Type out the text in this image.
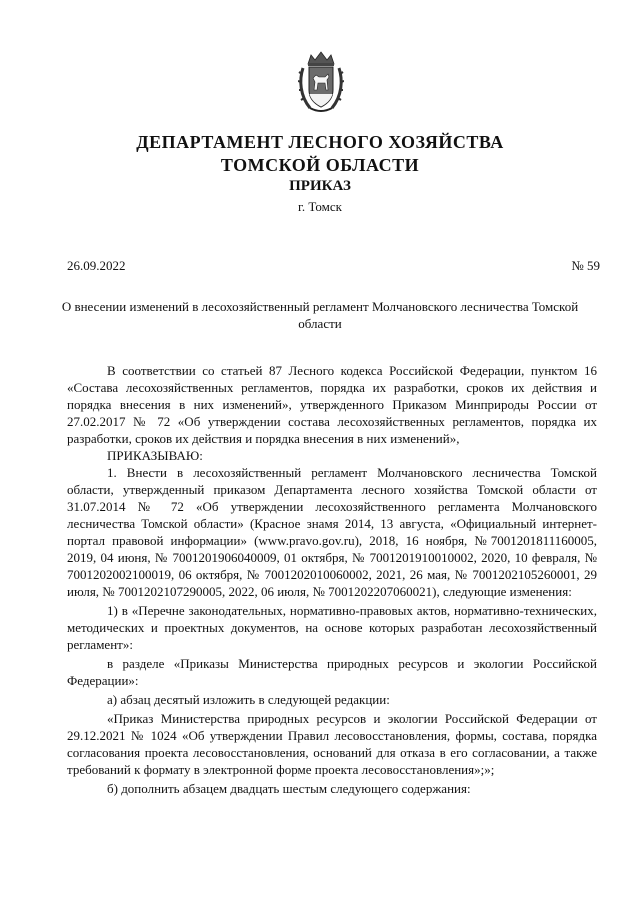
ДЕПАРТАМЕНТ ЛЕСНОГО ХОЗЯЙСТВА
ТОМСКОЙ ОБЛАСТИ
ПРИКАЗ
г. Томск
26.09.2022	№ 59
О внесении изменений в лесохозяйственный регламент Молчановского лесничества Томской области

В соответствии со статьей 87 Лесного кодекса Российской Федерации, пунктом 16 «Состава лесохозяйственных регламентов, порядка их разработки, сроков их действия и порядка внесения в них изменений», утвержденного Приказом Минприроды России от 27.02.2017 № 72 «Об утверждении состава лесохозяйственных регламентов, порядка их разработки, сроков их действия и порядка внесения в них изменений»,

ПРИКАЗЫВАЮ:

1. Внести в лесохозяйственный регламент Молчановского лесничества Томской области, утвержденный приказом Департамента лесного хозяйства Томской области от 31.07.2014 № 72 «Об утверждении лесохозяйственного регламента Молчановского лесничества Томской области» (Красное знамя 2014, 13 августа, «Официальный интернет-портал правовой информации» (www.pravo.gov.ru), 2018, 16 ноября, №7001201811160005, 2019, 04 июня, № 7001201906040009, 01 октября, № 7001201910010002, 2020, 10 февраля, № 7001202002100019, 06 октября, № 7001202010060002, 2021, 26 мая, № 7001202105260001, 29 июля, № 7001202107290005, 2022, 06 июля, № 7001202207060021), следующие изменения:

1) в «Перечне законодательных, нормативно-правовых актов, нормативно-технических, методических и проектных документов, на основе которых разработан лесохозяйственный регламент»:

в разделе «Приказы Министерства природных ресурсов и экологии Российской Федерации»:

а) абзац десятый изложить в следующей редакции:

«Приказ Министерства природных ресурсов и экологии Российской Федерации от 29.12.2021 № 1024 «Об утверждении Правил лесовосстановления, формы, состава, порядка согласования проекта лесовосстановления, оснований для отказа в его согласовании, а также требований к формату в электронной форме проекта лесовосстановления»;»;

б) дополнить абзацем двадцать шестым следующего содержания:
